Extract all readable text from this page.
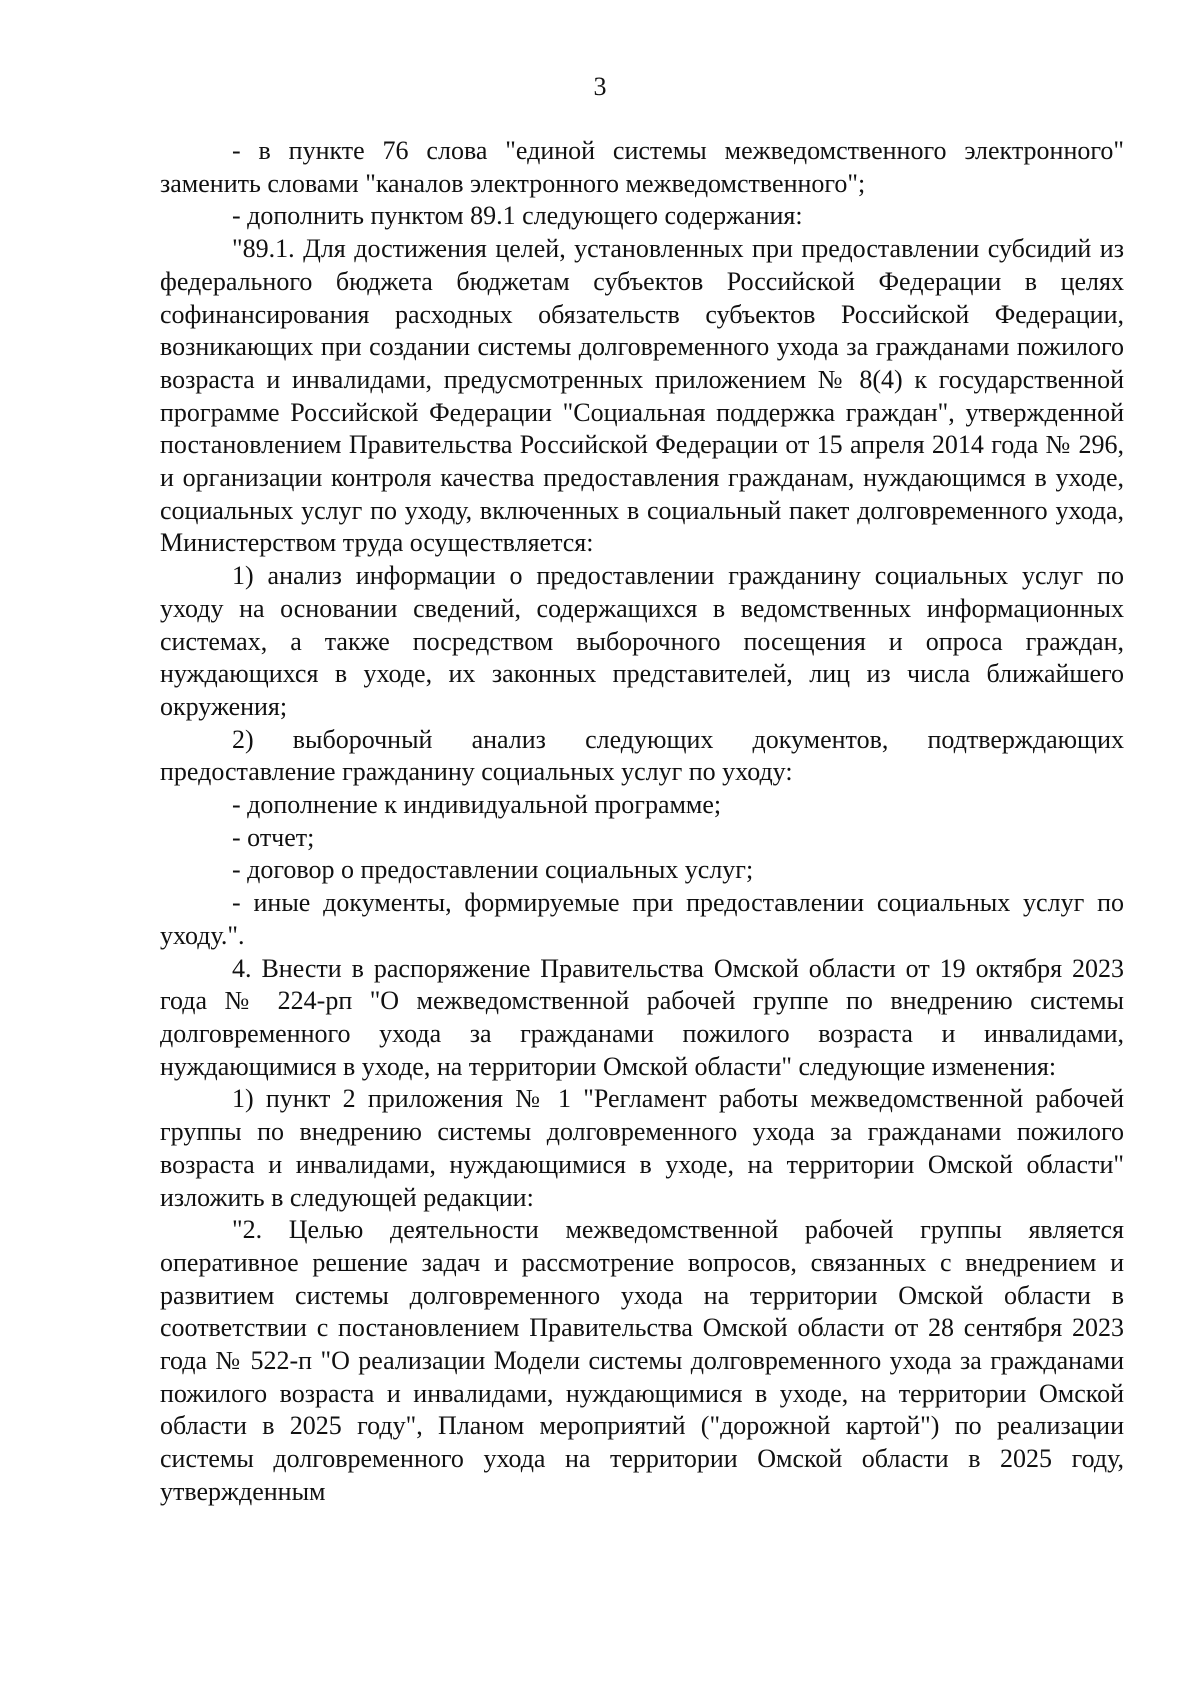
3

- в пункте 76 слова "единой системы межведомственного электронного" заменить словами "каналов электронного межведомственного";

- дополнить пунктом 89.1 следующего содержания:

"89.1. Для достижения целей, установленных при предоставлении субсидий из федерального бюджета бюджетам субъектов Российской Федерации в целях софинансирования расходных обязательств субъектов Российской Федерации, возникающих при создании системы долговременного ухода за гражданами пожилого возраста и инвалидами, предусмотренных приложением № 8(4) к государственной программе Российской Федерации "Социальная поддержка граждан", утвержденной постановлением Правительства Российской Федерации от 15 апреля 2014 года № 296, и организации контроля качества предоставления гражданам, нуждающимся в уходе, социальных услуг по уходу, включенных в социальный пакет долговременного ухода, Министерством труда осуществляется:

1) анализ информации о предоставлении гражданину социальных услуг по уходу на основании сведений, содержащихся в ведомственных информационных системах, а также посредством выборочного посещения и опроса граждан, нуждающихся в уходе, их законных представителей, лиц из числа ближайшего окружения;

2) выборочный анализ следующих документов, подтверждающих предоставление гражданину социальных услуг по уходу:

- дополнение к индивидуальной программе;

- отчет;

- договор о предоставлении социальных услуг;

- иные документы, формируемые при предоставлении социальных услуг по уходу.".

4. Внести в распоряжение Правительства Омской области от 19 октября 2023 года № 224-рп "О межведомственной рабочей группе по внедрению системы долговременного ухода за гражданами пожилого возраста и инвалидами, нуждающимися в уходе, на территории Омской области" следующие изменения:

1) пункт 2 приложения № 1 "Регламент работы межведомственной рабочей группы по внедрению системы долговременного ухода за гражданами пожилого возраста и инвалидами, нуждающимися в уходе, на территории Омской области" изложить в следующей редакции:

"2. Целью деятельности межведомственной рабочей группы является оперативное решение задач и рассмотрение вопросов, связанных с внедрением и развитием системы долговременного ухода на территории Омской области в соответствии с постановлением Правительства Омской области от 28 сентября 2023 года № 522-п "О реализации Модели системы долговременного ухода за гражданами пожилого возраста и инвалидами, нуждающимися в уходе, на территории Омской области в 2025 году", Планом мероприятий ("дорожной картой") по реализации системы долговременного ухода на территории Омской области в 2025 году, утвержденным
